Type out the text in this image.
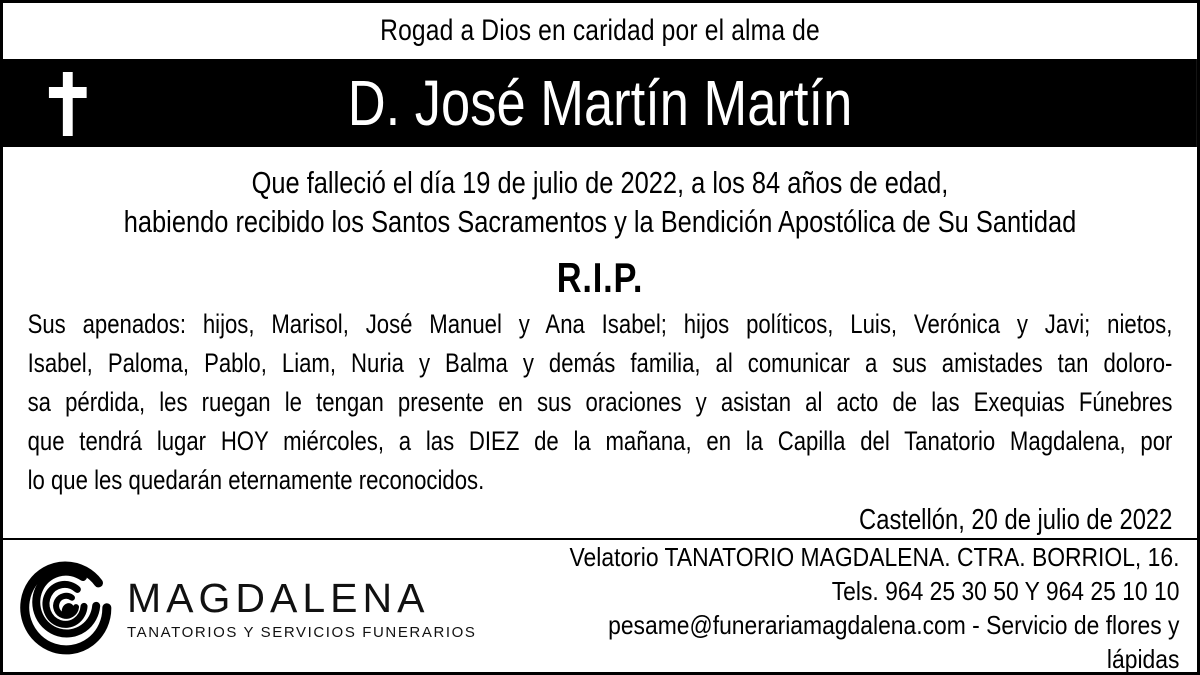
Rogad a Dios en caridad por el alma de
D. José Martín Martín
Que falleció el día 19 de julio de 2022, a los 84 años de edad,
habiendo recibido los Santos Sacramentos y la Bendición Apostólica de Su Santidad
R.I.P.
Sus apenados: hijos, Marisol, José Manuel y Ana Isabel; hijos políticos, Luis, Verónica y Javi; nietos,
Isabel, Paloma, Pablo, Liam, Nuria y Balma y demás familia, al comunicar a sus amistades tan doloro-
sa pérdida, les ruegan le tengan presente en sus oraciones y asistan al acto de las Exequias Fúnebres
que tendrá lugar HOY miércoles, a las DIEZ de la mañana, en la Capilla del Tanatorio Magdalena, por
lo que les quedarán eternamente reconocidos.
Castellón, 20 de julio de 2022
MAGDALENA
TANATORIOS Y SERVICIOS FUNERARIOS
Velatorio TANATORIO MAGDALENA. CTRA. BORRIOL, 16.
Tels. 964 25 30 50 Y 964 25 10 10
pesame@funerariamagdalena.com - Servicio de flores y lápidas
